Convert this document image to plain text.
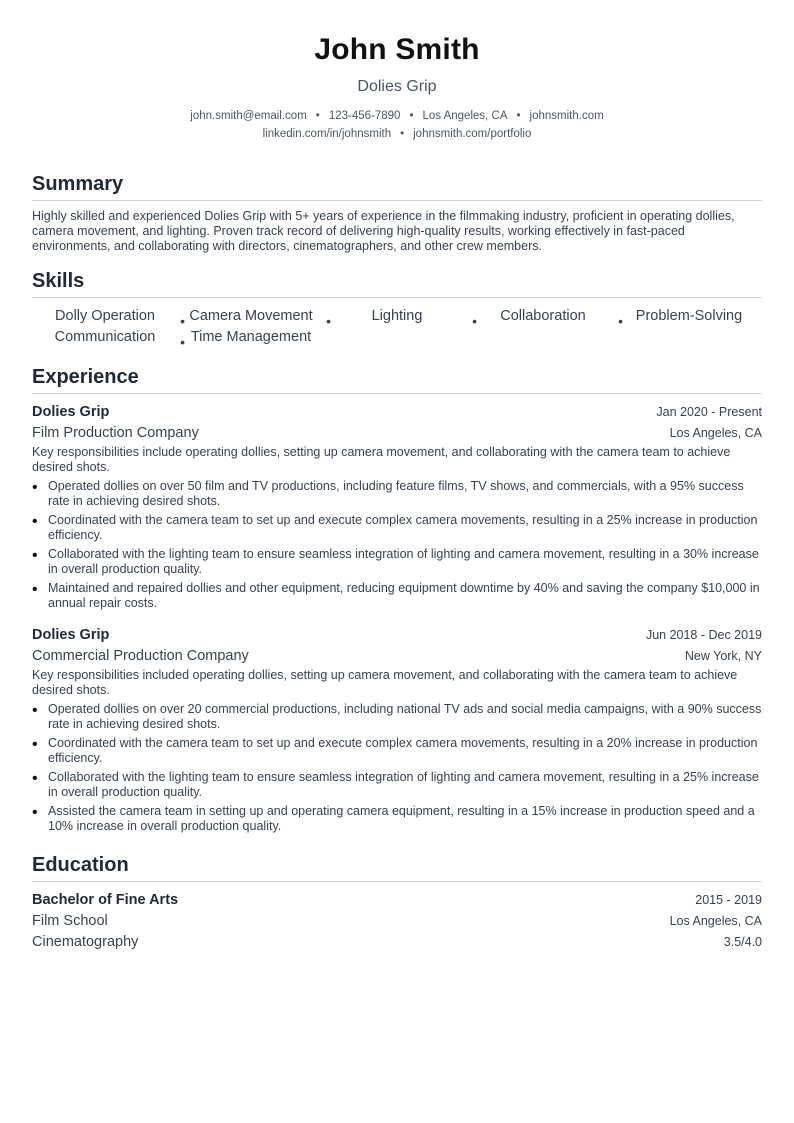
John Smith
Dolies Grip
john.smith@email.com • 123-456-7890 • Los Angeles, CA • johnsmith.com
linkedin.com/in/johnsmith • johnsmith.com/portfolio
Summary
Highly skilled and experienced Dolies Grip with 5+ years of experience in the filmmaking industry, proficient in operating dollies, camera movement, and lighting. Proven track record of delivering high-quality results, working effectively in fast-paced environments, and collaborating with directors, cinematographers, and other crew members.
Skills
Dolly Operation • Camera Movement •	Lighting	•	Collaboration • Problem-Solving
Communication • Time Management
Experience
Dolies Grip	Jan 2020 - Present
Film Production Company	Los Angeles, CA
Key responsibilities include operating dollies, setting up camera movement, and collaborating with the camera team to achieve desired shots.
• Operated dollies on over 50 film and TV productions, including feature films, TV shows, and commercials, with a 95% success rate in achieving desired shots.
• Coordinated with the camera team to set up and execute complex camera movements, resulting in a 25% increase in production efficiency.
• Collaborated with the lighting team to ensure seamless integration of lighting and camera movement, resulting in a 30% increase in overall production quality.
• Maintained and repaired dollies and other equipment, reducing equipment downtime by 40% and saving the company $10,000 in annual repair costs.
Dolies Grip	Jun 2018 - Dec 2019
Commercial Production Company	New York, NY
Key responsibilities included operating dollies, setting up camera movement, and collaborating with the camera team to achieve desired shots.
• Operated dollies on over 20 commercial productions, including national TV ads and social media campaigns, with a 90% success rate in achieving desired shots.
• Coordinated with the camera team to set up and execute complex camera movements, resulting in a 20% increase in production efficiency.
• Collaborated with the lighting team to ensure seamless integration of lighting and camera movement, resulting in a 25% increase in overall production quality.
• Assisted the camera team in setting up and operating camera equipment, resulting in a 15% increase in production speed and a 10% increase in overall production quality.
Education
Bachelor of Fine Arts	2015 - 2019
Film School	Los Angeles, CA
Cinematography	3.5/4.0
